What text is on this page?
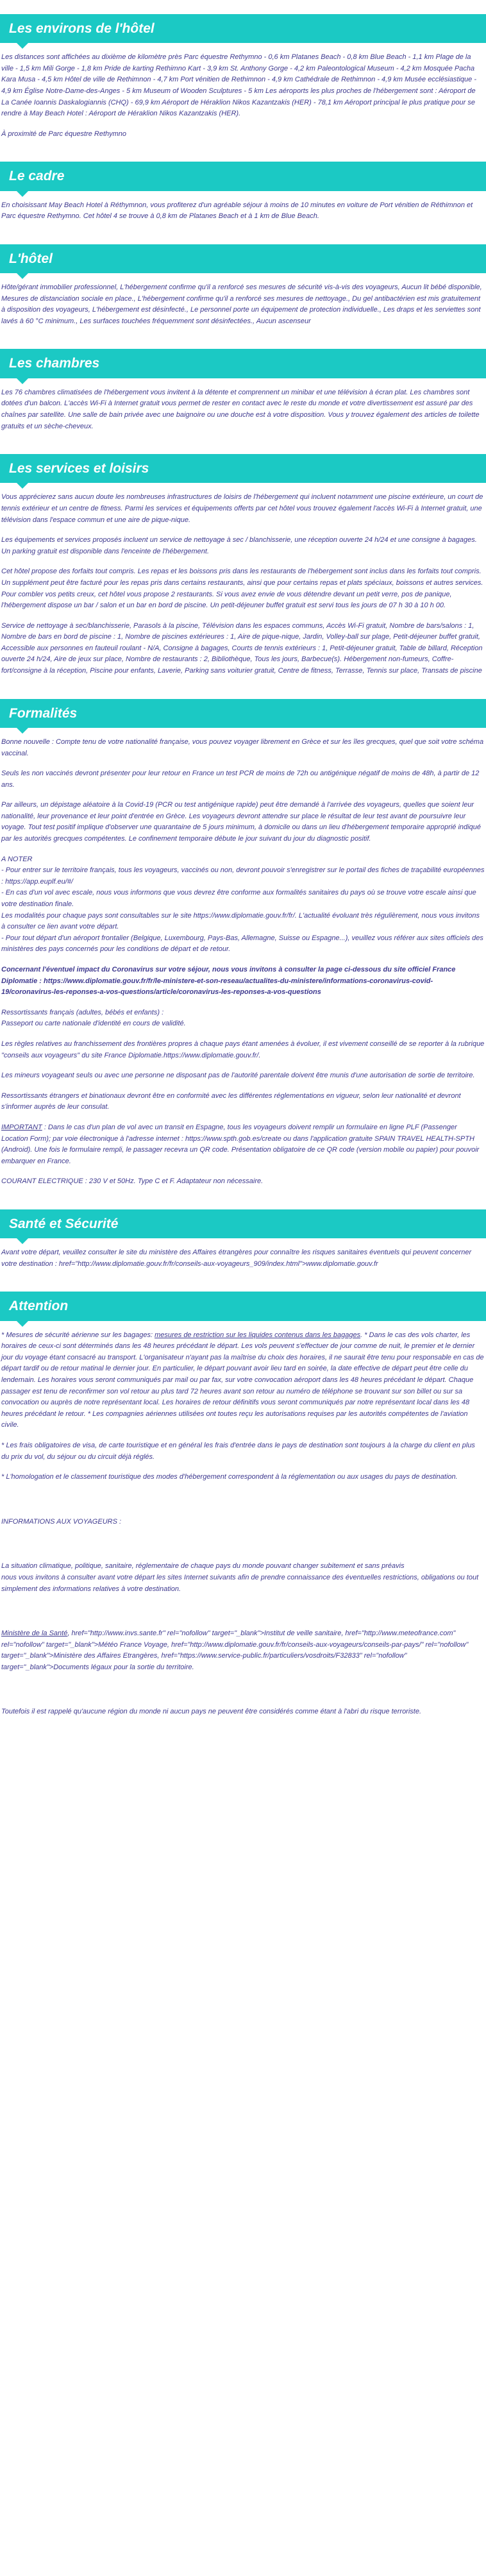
Les environs de l'hôtel

Les distances sont affichées au dixième de kilomètre près Parc équestre Rethymno - 0,6 km Platanes Beach - 0,8 km Blue Beach - 1,1 km Plage de la ville - 1,5 km Mili Gorge - 1,8 km Pride de karting Rethimno Kart - 3,9 km St. Anthony Gorge - 4,2 km Paleontological Museum - 4,2 km Mosquée Pacha Kara Musa - 4,5 km Hôtel de ville de Rethimnon - 4,7 km Port vénitien de Rethimnon - 4,9 km Cathédrale de Rethimnon - 4,9 km Musée ecclésiastique - 4,9 km Église Notre-Dame-des-Anges - 5 km Museum of Wooden Sculptures - 5 km Les aéroports les plus proches de l'hébergement sont : Aéroport de La Canée Ioannis Daskalogiannis (CHQ) - 69,9 km Aéroport de Héraklion Nikos Kazantzakis (HER) - 78,1 km Aéroport principal le plus pratique pour se rendre à May Beach Hotel : Aéroport de Héraklion Nikos Kazantzakis (HER).

À proximité de Parc équestre Rethymno

Le cadre

En choisissant May Beach Hotel à Réthymnon, vous profiterez d'un agréable séjour à moins de 10 minutes en voiture de Port vénitien de Réthimnon et Parc équestre Rethymno. Cet hôtel 4 se trouve à 0,8 km de Platanes Beach et à 1 km de Blue Beach.

L'hôtel

Hôte/gérant immobilier professionnel, L'hébergement confirme qu'il a renforcé ses mesures de sécurité vis-à-vis des voyageurs, Aucun lit bébé disponible, Mesures de distanciation sociale en place., L'hébergement confirme qu'il a renforcé ses mesures de nettoyage., Du gel antibactérien est mis gratuitement à disposition des voyageurs, L'hébergement est désinfecté., Le personnel porte un équipement de protection individuelle., Les draps et les serviettes sont lavés à 60 °C minimum., Les surfaces touchées fréquemment sont désinfectées., Aucun ascenseur

Les chambres

Les 76 chambres climatisées de l'hébergement vous invitent à la détente et comprennent un minibar et une télévision à écran plat. Les chambres sont dotées d'un balcon. L'accès Wi-Fi à Internet gratuit vous permet de rester en contact avec le reste du monde et votre divertissement est assuré par des chaînes par satellite. Une salle de bain privée avec une baignoire ou une douche est à votre disposition. Vous y trouvez également des articles de toilette gratuits et un sèche-cheveux.

Les services et loisirs

Vous apprécierez sans aucun doute les nombreuses infrastructures de loisirs de l'hébergement qui incluent notamment une piscine extérieure, un court de tennis extérieur et un centre de fitness. Parmi les services et équipements offerts par cet hôtel vous trouvez également l'accès Wi-Fi à Internet gratuit, une télévision dans l'espace commun et une aire de pique-nique.

Les équipements et services proposés incluent un service de nettoyage à sec / blanchisserie, une réception ouverte 24 h/24 et une consigne à bagages. Un parking gratuit est disponible dans l'enceinte de l'hébergement.

Cet hôtel propose des forfaits tout compris. Les repas et les boissons pris dans les restaurants de l'hébergement sont inclus dans les forfaits tout compris. Un supplément peut être facturé pour les repas pris dans certains restaurants, ainsi que pour certains repas et plats spéciaux, boissons et autres services. Pour combler vos petits creux, cet hôtel vous propose 2 restaurants. Si vous avez envie de vous détendre devant un petit verre, pos de panique, l'hébergement dispose un bar / salon et un bar en bord de piscine. Un petit-déjeuner buffet gratuit est servi tous les jours de 07 h 30 à 10 h 00.

Service de nettoyage à sec/blanchisserie, Parasols à la piscine, Télévision dans les espaces communs, Accès Wi-Fi gratuit, Nombre de bars/salons : 1, Nombre de bars en bord de piscine : 1, Nombre de piscines extérieures : 1, Aire de pique-nique, Jardin, Volley-ball sur plage, Petit-déjeuner buffet gratuit, Accessible aux personnes en fauteuil roulant - N/A, Consigne à bagages, Courts de tennis extérieurs : 1, Petit-déjeuner gratuit, Table de billard, Réception ouverte 24 h/24, Aire de jeux sur place, Nombre de restaurants : 2, Bibliothèque, Tous les jours, Barbecue(s). Hébergement non-fumeurs, Coffre-fort/consigne à la réception, Piscine pour enfants, Laverie, Parking sans voiturier gratuit, Centre de fitness, Terrasse, Tennis sur place, Transats de piscine

Formalités

Bonne nouvelle : Compte tenu de votre nationalité française, vous pouvez voyager librement en Grèce et sur les îles grecques, quel que soit votre schéma vaccinal.

Seuls les non vaccinés devront présenter pour leur retour en France un test PCR de moins de 72h ou antigénique négatif de moins de 48h, à partir de 12 ans.

Par ailleurs, un dépistage aléatoire à la Covid-19 (PCR ou test antigénique rapide) peut être demandé à l'arrivée des voyageurs, quelles que soient leur nationalité, leur provenance et leur point d'entrée en Grèce. Les voyageurs devront attendre sur place le résultat de leur test avant de poursuivre leur voyage. Tout test positif implique d'observer une quarantaine de 5 jours minimum, à domicile ou dans un lieu d'hébergement temporaire approprié indiqué par les autorités grecques compétentes. Le confinement temporaire débute le jour suivant du jour du diagnostic positif.

A NOTER
- Pour entrer sur le territoire français, tous les voyageurs, vaccinés ou non, devront pouvoir s'enregistrer sur le portail des fiches de traçabilité européennes : https://app.euplf.eu/#/
- En cas d'un vol avec escale, nous vous informons que vous devrez être conforme aux formalités sanitaires du pays où se trouve votre escale ainsi que votre destination finale.
Les modalités pour chaque pays sont consultables sur le site https://www.diplomatie.gouv.fr/fr/. L'actualité évoluant très régulièrement, nous vous invitons à consulter ce lien avant votre départ.
- Pour tout départ d'un aéroport frontalier (Belgique, Luxembourg, Pays-Bas, Allemagne, Suisse ou Espagne...), veuillez vous référer aux sites officiels des ministères des pays concernés pour les conditions de départ et de retour.

Concernant l'éventuel impact du Coronavirus sur votre séjour, nous vous invitons à consulter la page ci-dessous du site officiel France Diplomatie : https://www.diplomatie.gouv.fr/fr/le-ministere-et-son-reseau/actualites-du-ministere/informations-coronavirus-covid-19/coronavirus-les-reponses-a-vos-questions/article/coronavirus-les-reponses-a-vos-questions

Ressortissants français (adultes, bébés et enfants) :
Passeport ou carte nationale d'identité en cours de validité.

Les règles relatives au franchissement des frontières propres à chaque pays étant amenées à évoluer, il est vivement conseillé de se reporter à la rubrique "conseils aux voyageurs" du site France Diplomatie.https://www.diplomatie.gouv.fr/.

Les mineurs voyageant seuls ou avec une personne ne disposant pas de l'autorité parentale doivent être munis d'une autorisation de sortie de territoire.

Ressortissants étrangers et binationaux devront être en conformité avec les différentes réglementations en vigueur, selon leur nationalité et devront s'informer auprès de leur consulat.

IMPORTANT : Dans le cas d'un plan de vol avec un transit en Espagne, tous les voyageurs doivent remplir un formulaire en ligne PLF (Passenger Location Form); par voie électronique à l'adresse internet : https://www.spth.gob.es/create ou dans l'application gratuite SPAIN TRAVEL HEALTH-SPTH (Android). Une fois le formulaire rempli, le passager recevra un QR code. Présentation obligatoire de ce QR code (version mobile ou papier) pour pouvoir embarquer en France.

COURANT ELECTRIQUE : 230 V et 50Hz. Type C et F. Adaptateur non nécessaire.

Santé et Sécurité

Avant votre départ, veuillez consulter le site du ministère des Affaires étrangères pour connaître les risques sanitaires éventuels qui peuvent concerner votre destination : href="http://www.diplomatie.gouv.fr/fr/conseils-aux-voyageurs_909/index.html">www.diplomatie.gouv.fr

Attention

* Mesures de sécurité aérienne sur les bagages: mesures de restriction sur les liquides contenus dans les bagages. * Dans le cas des vols charter, les horaires de ceux-ci sont déterminés dans les 48 heures précédant le départ. Les vols peuvent s'effectuer de jour comme de nuit, le premier et le dernier jour du voyage étant consacré au transport. L'organisateur n'ayant pas la maîtrise du choix des horaires, il ne saurait être tenu pour responsable en cas de départ tardif ou de retour matinal le dernier jour. En particulier, le départ pouvant avoir lieu tard en soirée, la date effective de départ peut être celle du lendemain. Les horaires vous seront communiqués par mail ou par fax, sur votre convocation aéroport dans les 48 heures précédant le départ. Chaque passager est tenu de reconfirmer son vol retour au plus tard 72 heures avant son retour au numéro de téléphone se trouvant sur son billet ou sur sa convocation ou auprès de notre représentant local. Les horaires de retour définitifs vous seront communiqués par notre représentant local dans les 48 heures précédant le retour. * Les compagnies aériennes utilisées ont toutes reçu les autorisations requises par les autorités compétentes de l'aviation civile.

* Les frais obligatoires de visa, de carte touristique et en général les frais d'entrée dans le pays de destination sont toujours à la charge du client en plus du prix du vol, du séjour ou du circuit déjà réglés.

* L'homologation et le classement touristique des modes d'hébergement correspondent à la réglementation ou aux usages du pays de destination.

INFORMATIONS AUX VOYAGEURS :

La situation climatique, politique, sanitaire, réglementaire de chaque pays du monde pouvant changer subitement et sans préavis

nous vous invitons à consulter avant votre départ les sites Internet suivants afin de prendre connaissance des éventuelles restrictions, obligations ou tout simplement des informations relatives à votre destination.

Ministère de la Santé, href="http://www.invs.sante.fr" rel="nofollow" target="_blank">Institut de veille sanitaire, href="http://www.meteofrance.com" rel="nofollow" target="_blank">Météo France Voyage, href="http://www.diplomatie.gouv.fr/fr/conseils-aux-voyageurs/conseils-par-pays/" rel="nofollow" target="_blank">Ministère des Affaires Etrangères, href="https://www.service-public.fr/particuliers/vosdroits/F32833" rel="nofollow" target="_blank">Documents légaux pour la sortie du territoire.

Toutefois il est rappelé qu'aucune région du monde ni aucun pays ne peuvent être considérés comme étant à l'abri du risque terroriste.
